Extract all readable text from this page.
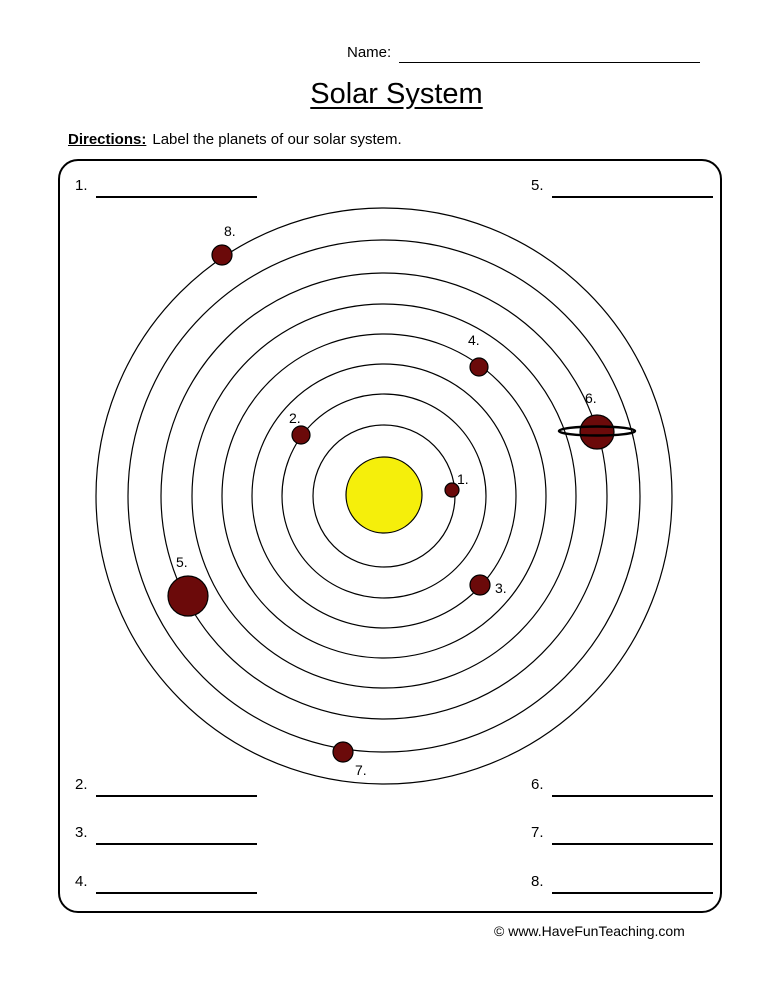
Name:
Solar System
Directions: Label the planets of our solar system.
1.
2.
3.
4.
5.
6.
7.
8.
1.
2.
3.
4.
5.
6.
7.
8.
© www.HaveFunTeaching.com
